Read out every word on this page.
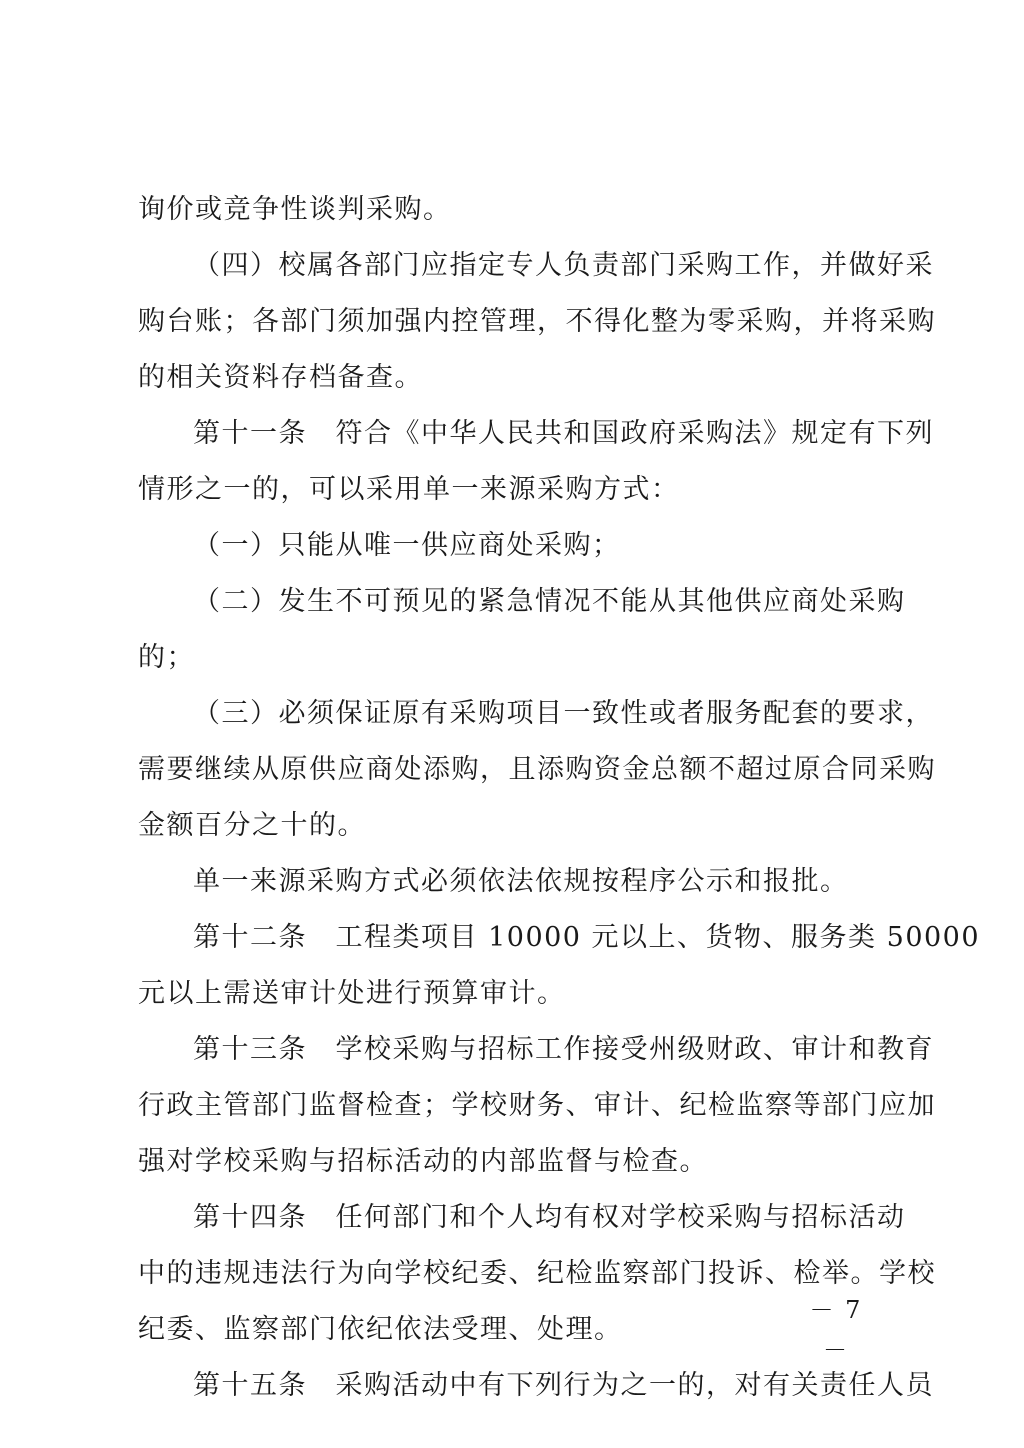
询价或竞争性谈判采购。
（四）校属各部门应指定专人负责部门采购工作，并做好采
购台账；各部门须加强内控管理，不得化整为零采购，并将采购
的相关资料存档备查。
第十一条　符合《中华人民共和国政府采购法》规定有下列
情形之一的，可以采用单一来源采购方式：
（一）只能从唯一供应商处采购；
（二）发生不可预见的紧急情况不能从其他供应商处采购
的；
（三）必须保证原有采购项目一致性或者服务配套的要求，
需要继续从原供应商处添购，且添购资金总额不超过原合同采购
金额百分之十的。
单一来源采购方式必须依法依规按程序公示和报批。
第十二条　工程类项目 10000 元以上、货物、服务类 50000
元以上需送审计处进行预算审计。
第十三条　学校采购与招标工作接受州级财政、审计和教育
行政主管部门监督检查；学校财务、审计、纪检监察等部门应加
强对学校采购与招标活动的内部监督与检查。
第十四条　任何部门和个人均有权对学校采购与招标活动
中的违规违法行为向学校纪委、纪检监察部门投诉、检举。学校
纪委、监察部门依纪依法受理、处理。
第十五条　采购活动中有下列行为之一的，对有关责任人员
－ 7 －
